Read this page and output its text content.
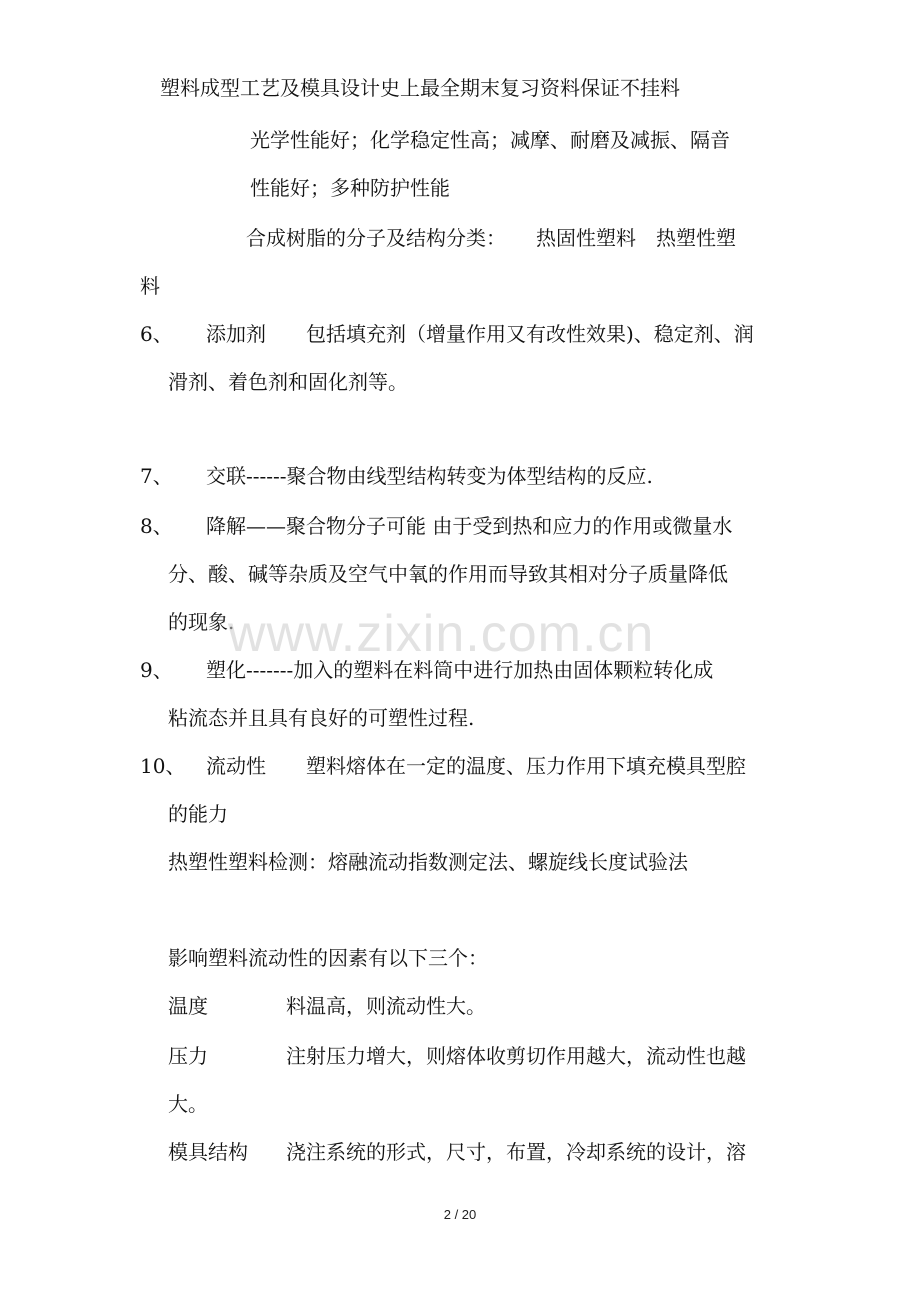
塑料成型工艺及模具设计史上最全期末复习资料保证不挂料
光学性能好；化学稳定性高；减摩、耐磨及减振、隔音
性能好；多种防护性能
合成树脂的分子及结构分类：　　热固性塑料　热塑性塑
料
6、 添加剂　　包括填充剂（增量作用又有改性效果)、稳定剂、润
滑剂、着色剂和固化剂等。
7、 交联------聚合物由线型结构转变为体型结构的反应.
8、 降解——聚合物分子可能 由于受到热和应力的作用或微量水
分、酸、碱等杂质及空气中氧的作用而导致其相对分子质量降低
的现象.
9、 塑化-------加入的塑料在料筒中进行加热由固体颗粒转化成
粘流态并且具有良好的可塑性过程.
10、 流动性　　塑料熔体在一定的温度、压力作用下填充模具型腔
的能力
热塑性塑料检测：熔融流动指数测定法、螺旋线长度试验法
影响塑料流动性的因素有以下三个：
温度	料温高，则流动性大。
压力	注射压力增大，则熔体收剪切作用越大，流动性也越
大。
模具结构 浇注系统的形式，尺寸，布置，冷却系统的设计，溶
www.zixin.com.cn
2 / 20
